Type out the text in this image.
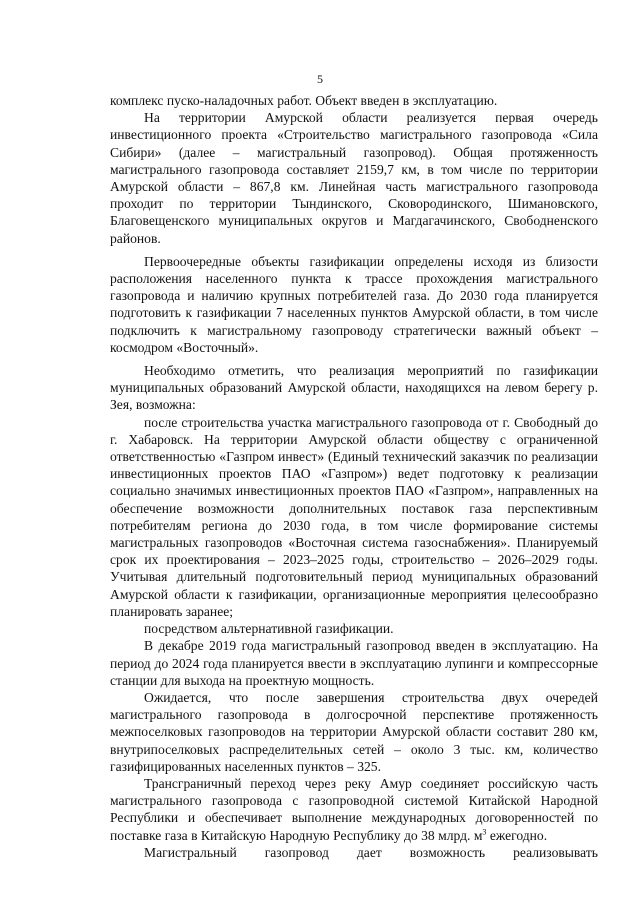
5

комплекс пуско-наладочных работ. Объект введен в эксплуатацию.

На территории Амурской области реализуется первая очередь инвестиционного проекта «Строительство магистрального газопровода «Сила Сибири» (далее – магистральный газопровод). Общая протяженность магистрального газопровода составляет 2159,7 км, в том числе по территории Амурской области – 867,8 км. Линейная часть магистрального газопровода проходит по территории Тындинского, Сковородинского, Шимановского, Благовещенского муниципальных округов и Магдагачинского, Свободненского районов.

Первоочередные объекты газификации определены исходя из близости расположения населенного пункта к трассе прохождения магистрального газопровода и наличию крупных потребителей газа. До 2030 года планируется подготовить к газификации 7 населенных пунктов Амурской области, в том числе подключить к магистральному газопроводу стратегически важный объект – космодром «Восточный».

Необходимо отметить, что реализация мероприятий по газификации муниципальных образований Амурской области, находящихся на левом берегу р. Зея, возможна:

после строительства участка магистрального газопровода от г. Свободный до г. Хабаровск. На территории Амурской области обществу с ограниченной ответственностью «Газпром инвест» (Единый технический заказчик по реализации инвестиционных проектов ПАО «Газпром») ведет подготовку к реализации социально значимых инвестиционных проектов ПАО «Газпром», направленных на обеспечение возможности дополнительных поставок газа перспективным потребителям региона до 2030 года, в том числе формирование системы магистральных газопроводов «Восточная система газоснабжения». Планируемый срок их проектирования – 2023–2025 годы, строительство – 2026–2029 годы. Учитывая длительный подготовительный период муниципальных образований Амурской области к газификации, организационные мероприятия целесообразно планировать заранее;

посредством альтернативной газификации.

В декабре 2019 года магистральный газопровод введен в эксплуатацию. На период до 2024 года планируется ввести в эксплуатацию лупинги и компрессорные станции для выхода на проектную мощность.

Ожидается, что после завершения строительства двух очередей магистрального газопровода в долгосрочной перспективе протяженность межпоселковых газопроводов на территории Амурской области составит 280 км, внутрипоселковых распределительных сетей – около 3 тыс. км, количество газифицированных населенных пунктов – 325.

Трансграничный переход через реку Амур соединяет российскую часть магистрального газопровода с газопроводной системой Китайской Народной Республики и обеспечивает выполнение международных договоренностей по поставке газа в Китайскую Народную Республику до 38 млрд. $м^3$ ежегодно.

Магистральный газопровод дает возможность реализовывать
